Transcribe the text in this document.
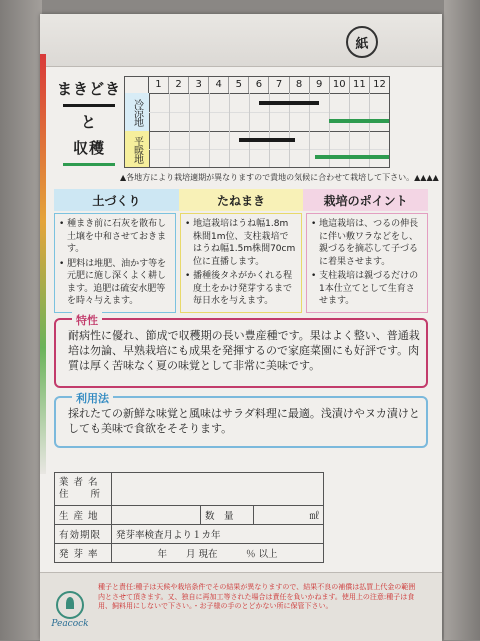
紙
まきどき
と
収穫
1	2	3	4	5	6	7	8	9	10 11 12
冷涼地
平暖地
▲各地方により栽培適期が異なりますので貴地の気候に合わせて栽培して下さい。▲▲▲▲
土づくり	たねまき	栽培のポイント
• 種まき前に石灰を散布し土壌を中和させておきます。
• 肥料は堆肥、油かす等を元肥に施し深くよく耕します。追肥は硫安水肥等を時々与えます。
• 地這栽培はうね幅1.8m株間1m位、支柱栽培ではうね幅1.5m株間70cm位に直播します。
• 播種後タネがかくれる程度土をかけ発芽するまで毎日水を与えます。
• 地這栽培は、つるの伸長に伴い敷ワラなどをし、親づるを摘芯して子づるに着果させます。
• 支柱栽培は親づるだけの1本仕立てとして生育させます。
特性
耐病性に優れ、節成で収穫期の長い豊産種です。果はよく整い、普通栽培は勿論、早熟栽培にも成果を発揮するので家庭菜園にも好評です。肉質は厚く苦味なく夏の味覚として非常に美味です。
利用法
採れたての新鮮な味覚と風味はサラダ料理に最適。浅漬けやヌカ漬けとしても美味で食欲をそそります。
業 者 名
住　　所			

生 産 地		数　量	㎖
有効期限	発芽率検査月より１カ年		
発 芽 率	年　　月 現在　　　％ 以上		
Peacock
種子と責任:種子は天候や栽培条件でその結果が異なりますので、結果不良の補償は払買上代金の範囲内とさせて頂きます。又、独自に再加工等された場合は責任を負いかねます。使用上の注意:種子は食用、飼料用にしないで下さい。・お子様の手のとどかない所に保管下さい。
